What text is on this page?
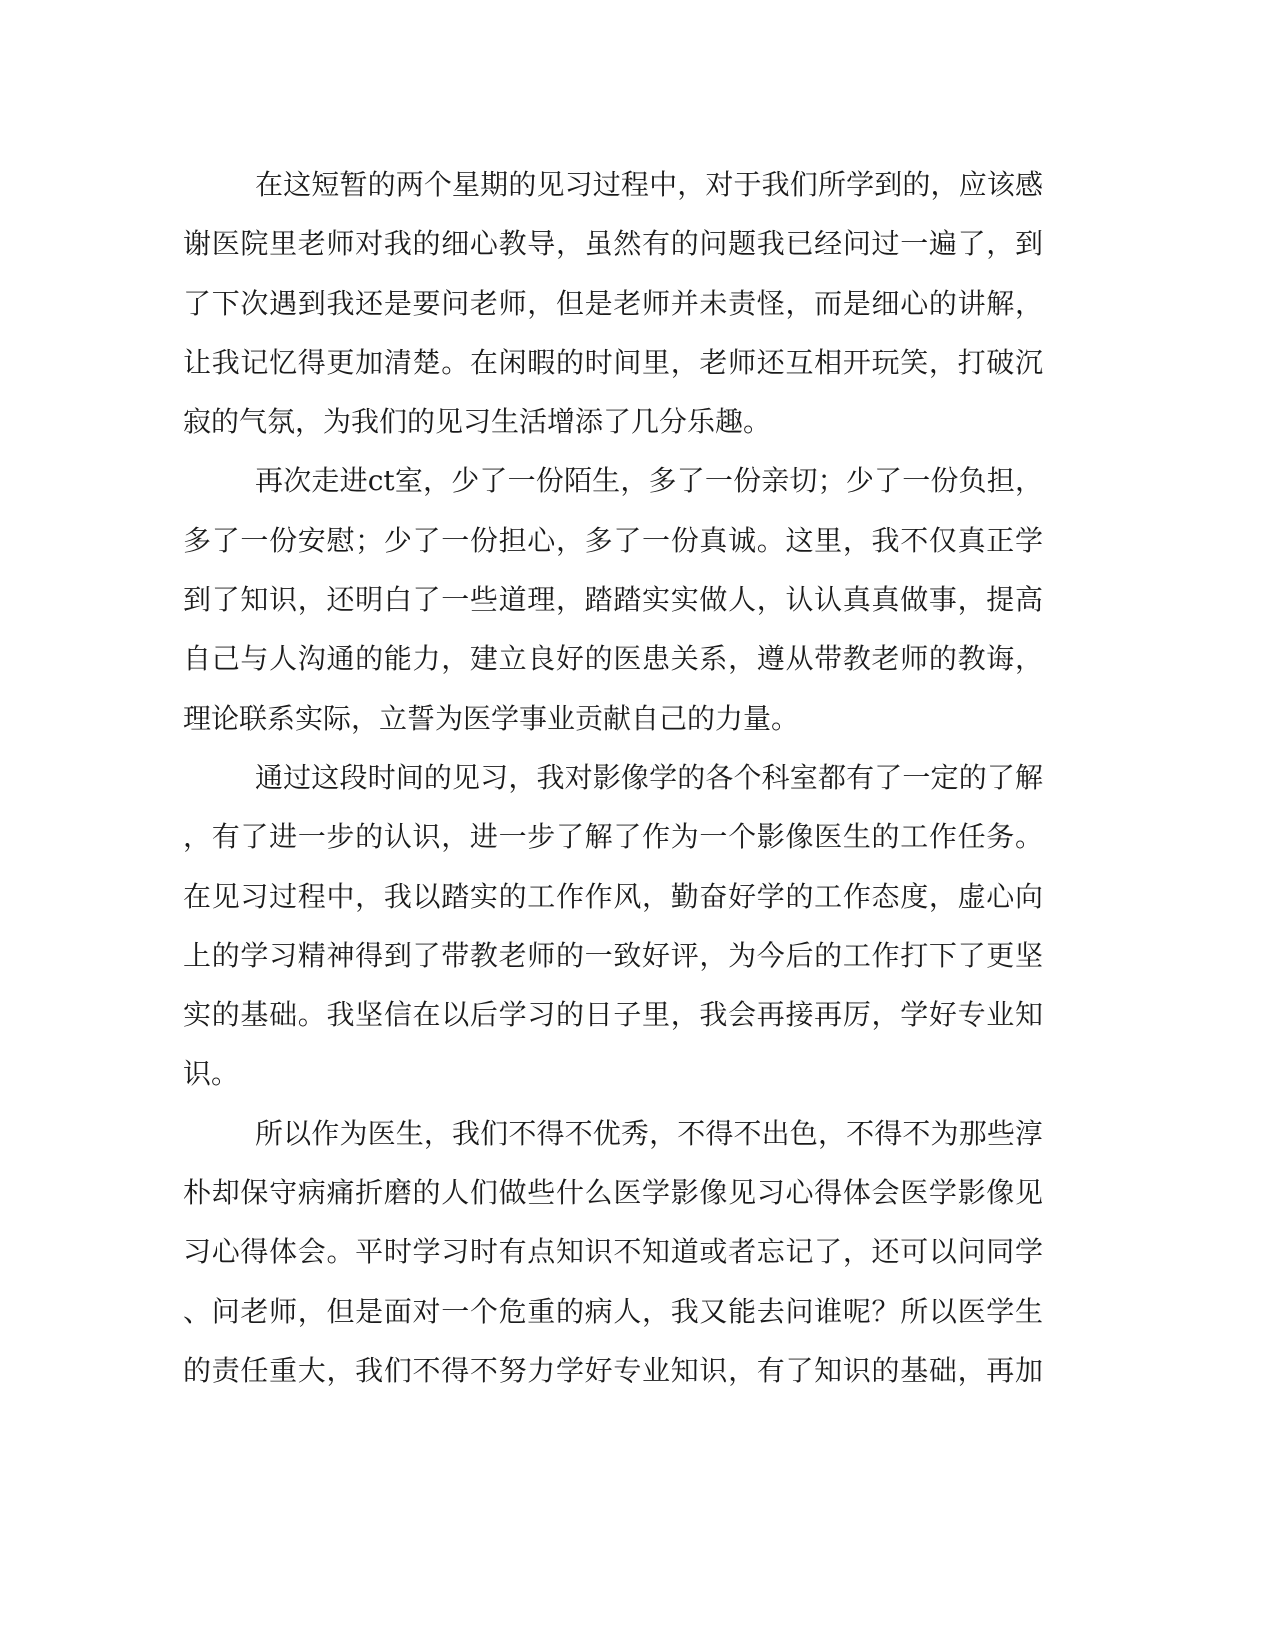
在这短暂的两个星期的见习过程中，对于我们所学到的，应该感
谢医院里老师对我的细心教导，虽然有的问题我已经问过一遍了，到
了下次遇到我还是要问老师，但是老师并未责怪，而是细心的讲解，
让我记忆得更加清楚。在闲暇的时间里，老师还互相开玩笑，打破沉
寂的气氛，为我们的见习生活增添了几分乐趣。
再次走进ct室，少了一份陌生，多了一份亲切；少了一份负担，
多了一份安慰；少了一份担心，多了一份真诚。这里，我不仅真正学
到了知识，还明白了一些道理，踏踏实实做人，认认真真做事，提高
自己与人沟通的能力，建立良好的医患关系，遵从带教老师的教诲，
理论联系实际，立誓为医学事业贡献自己的力量。
通过这段时间的见习，我对影像学的各个科室都有了一定的了解
，有了进一步的认识，进一步了解了作为一个影像医生的工作任务。
在见习过程中，我以踏实的工作作风，勤奋好学的工作态度，虚心向
上的学习精神得到了带教老师的一致好评，为今后的工作打下了更坚
实的基础。我坚信在以后学习的日子里，我会再接再厉，学好专业知
识。
所以作为医生，我们不得不优秀，不得不出色，不得不为那些淳
朴却保守病痛折磨的人们做些什么医学影像见习心得体会医学影像见
习心得体会。平时学习时有点知识不知道或者忘记了，还可以问同学
、问老师，但是面对一个危重的病人，我又能去问谁呢？所以医学生
的责任重大，我们不得不努力学好专业知识，有了知识的基础，再加
